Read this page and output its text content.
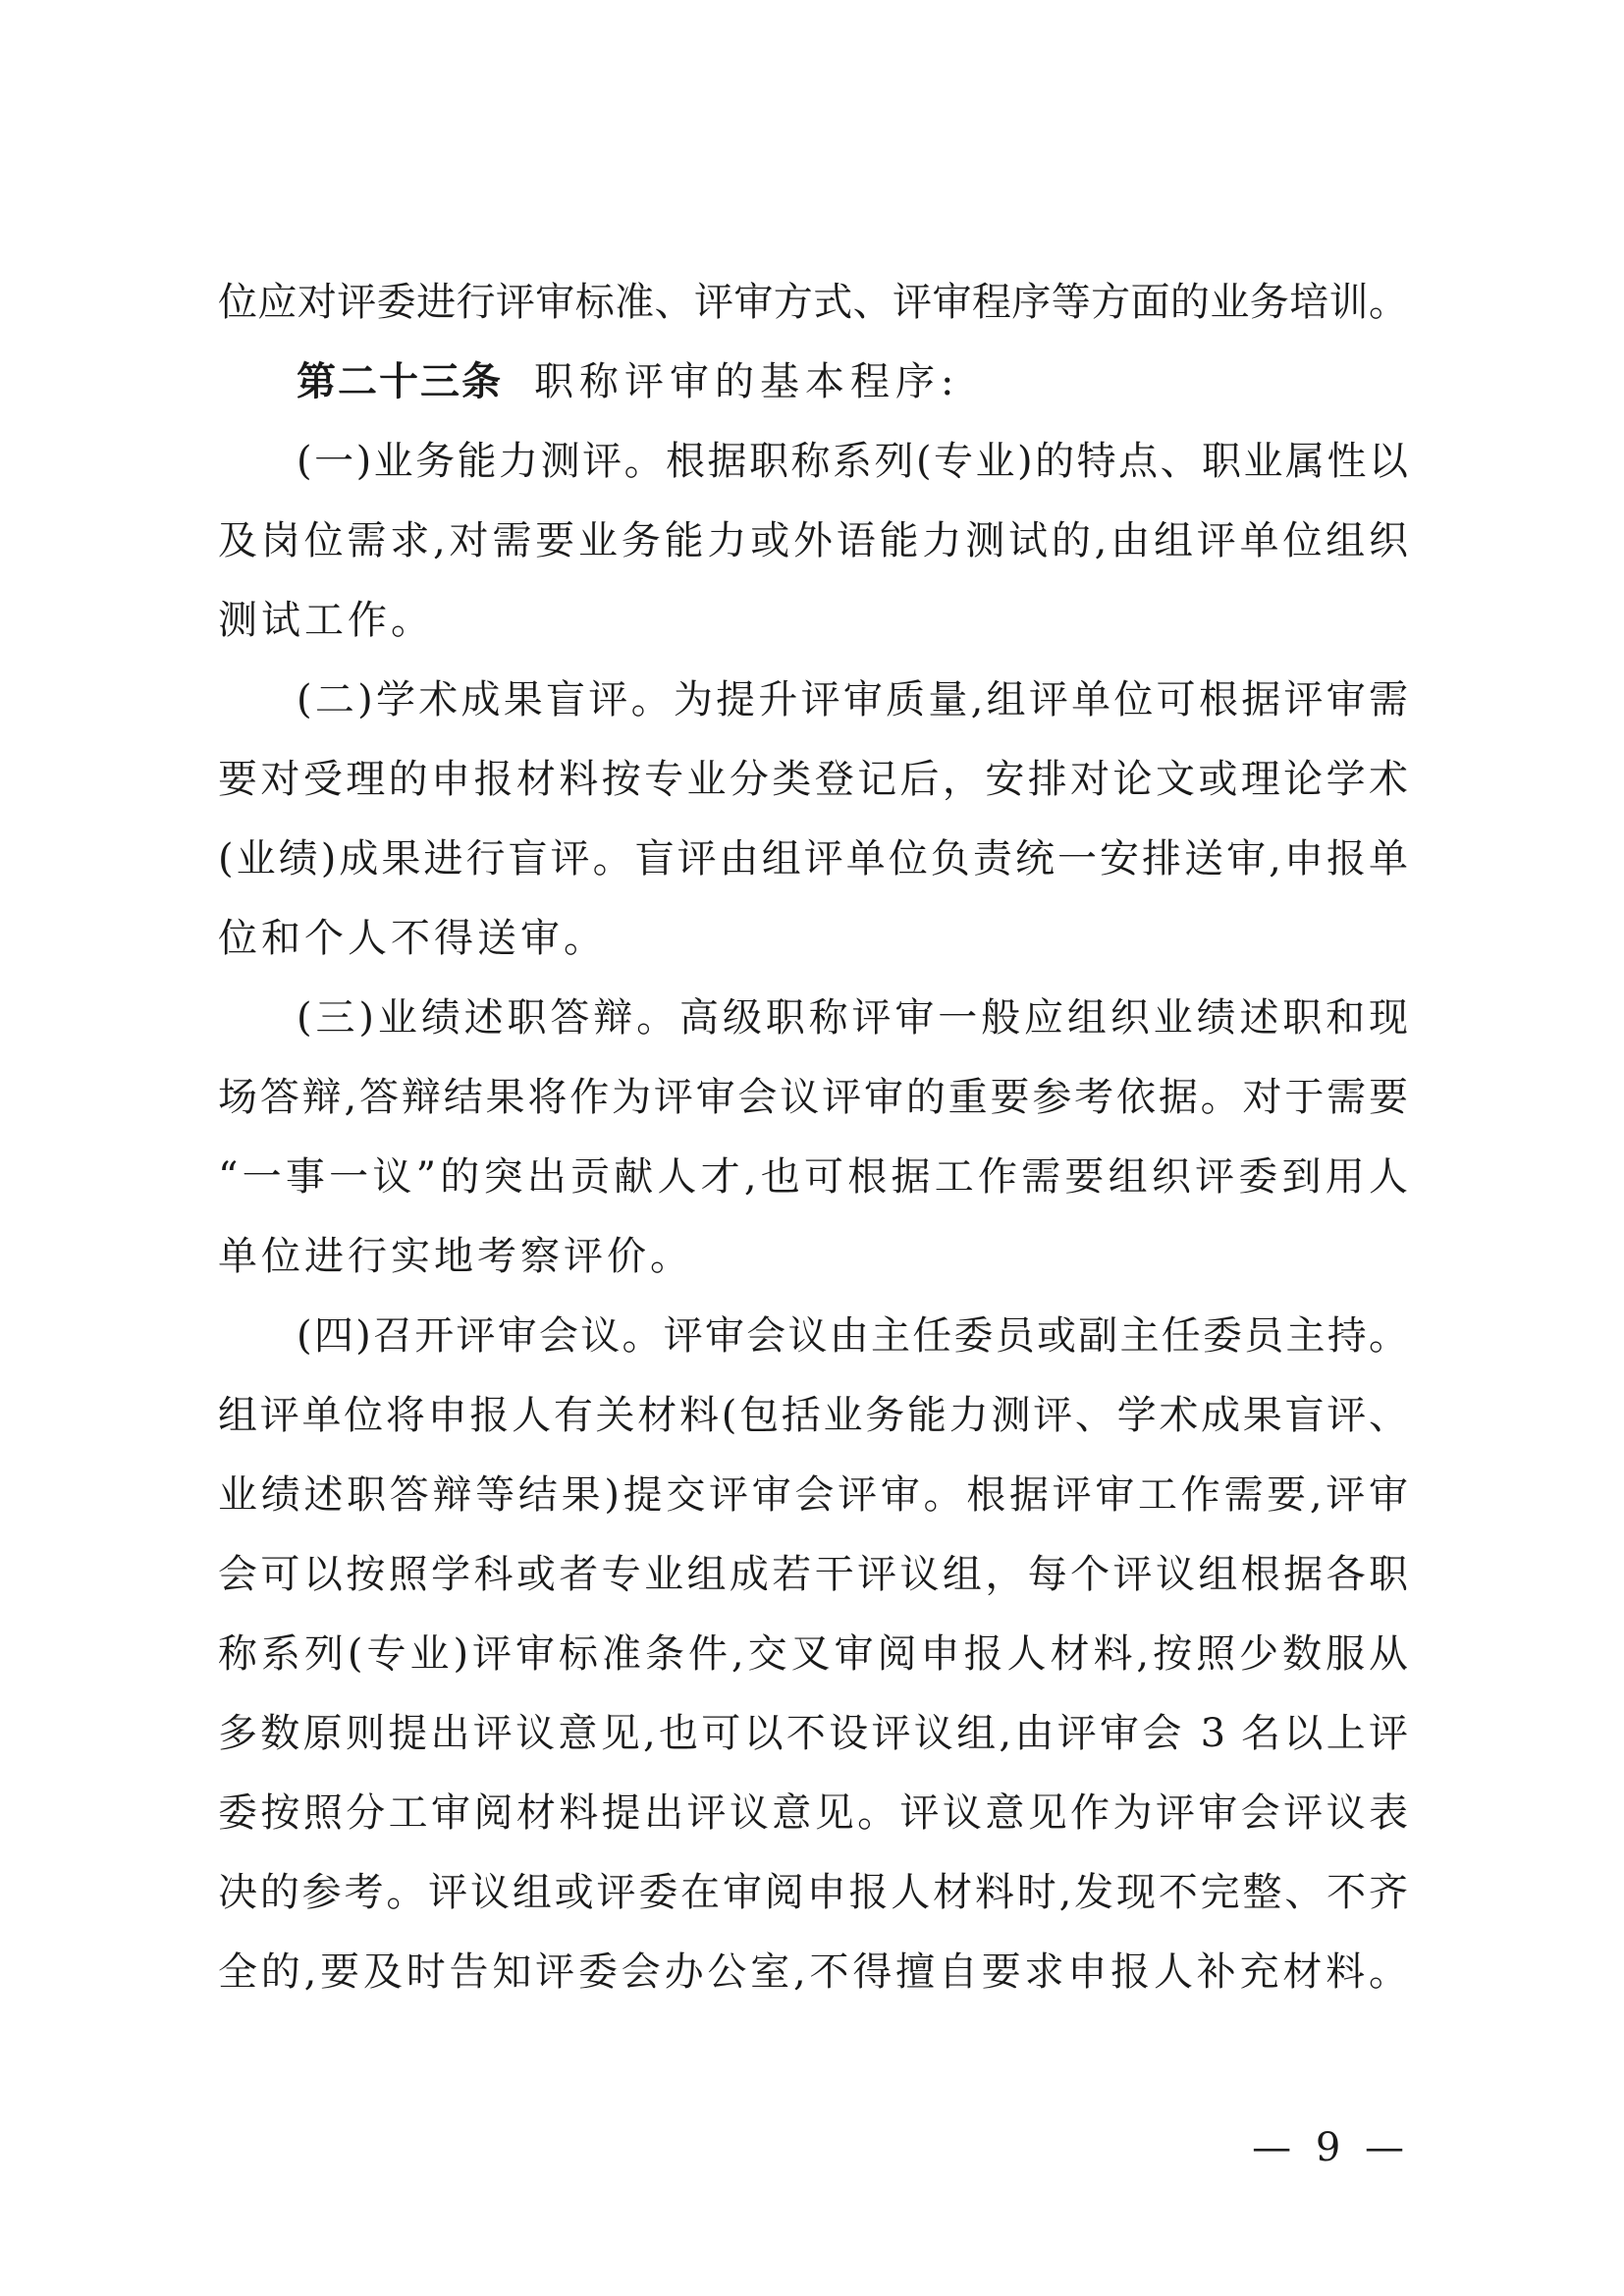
位应对评委进行评审标准、评审方式、评审程序等方面的业务培训。
第二十三条 职称评审的基本程序:
(一)业务能力测评。根据职称系列(专业)的特点、职业属性以
及岗位需求,对需要业务能力或外语能力测试的,由组评单位组织
测试工作。
(二)学术成果盲评。为提升评审质量,组评单位可根据评审需
要对受理的申报材料按专业分类登记后，安排对论文或理论学术
(业绩)成果进行盲评。盲评由组评单位负责统一安排送审,申报单
位和个人不得送审。
(三)业绩述职答辩。高级职称评审一般应组织业绩述职和现
场答辩,答辩结果将作为评审会议评审的重要参考依据。对于需要
“一事一议”的突出贡献人才,也可根据工作需要组织评委到用人
单位进行实地考察评价。
(四)召开评审会议。评审会议由主任委员或副主任委员主持。
组评单位将申报人有关材料(包括业务能力测评、学术成果盲评、
业绩述职答辩等结果)提交评审会评审。根据评审工作需要,评审
会可以按照学科或者专业组成若干评议组，每个评议组根据各职
称系列(专业)评审标准条件,交叉审阅申报人材料,按照少数服从
多数原则提出评议意见,也可以不设评议组,由评审会 3 名以上评
委按照分工审阅材料提出评议意见。评议意见作为评审会评议表
决的参考。评议组或评委在审阅申报人材料时,发现不完整、不齐
全的,要及时告知评委会办公室,不得擅自要求申报人补充材料。
— 9 —
